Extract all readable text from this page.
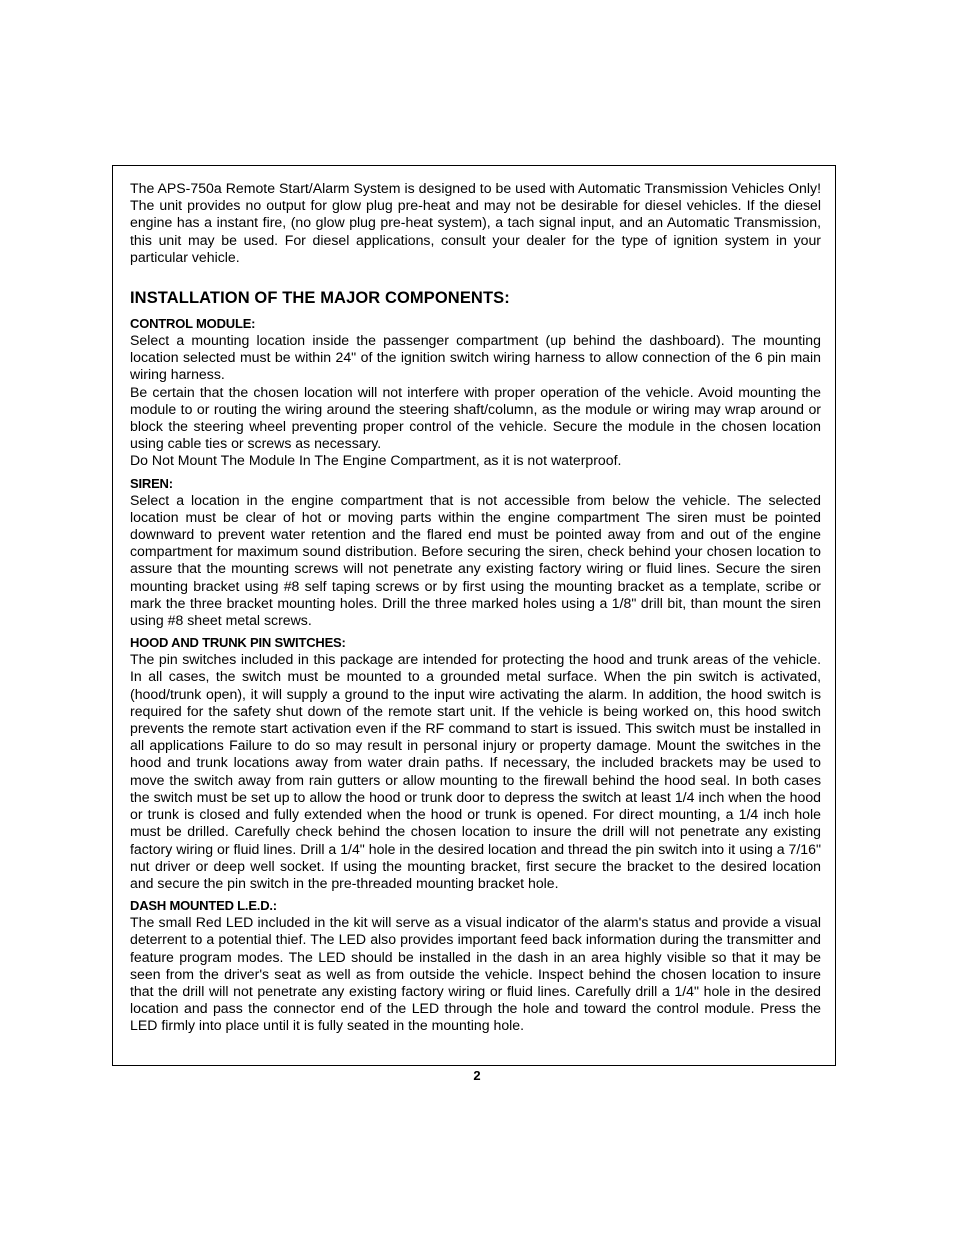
The APS-750a Remote Start/Alarm System is designed to be used with Automatic Transmission Vehicles Only! The unit provides no output for glow plug pre-heat and may not be desirable for diesel vehicles. If the diesel engine has a instant fire, (no glow plug pre-heat system), a tach signal input, and an Automatic Transmission, this unit may be used. For diesel applications, consult your dealer for the type of ignition system in your particular vehicle.

INSTALLATION OF THE MAJOR COMPONENTS:
CONTROL MODULE:

Select a mounting location inside the passenger compartment (up behind the dashboard). The mounting location selected must be within 24" of the ignition switch wiring harness to allow connection of the 6 pin main wiring harness.

Be certain that the chosen location will not interfere with proper operation of the vehicle. Avoid mounting the module to or routing the wiring around the steering shaft/column, as the module or wiring may wrap around or block the steering wheel preventing proper control of the vehicle. Secure the module in the chosen location using cable ties or screws as necessary.

Do Not Mount The Module In The Engine Compartment, as it is not waterproof.

SIREN:

Select a location in the engine compartment that is not accessible from below the vehicle. The selected location must be clear of hot or moving parts within the engine compartment The siren must be pointed downward to prevent water retention and the flared end must be pointed away from and out of the engine compartment for maximum sound distribution. Before securing the siren, check behind your chosen location to assure that the mounting screws will not penetrate any existing factory wiring or fluid lines. Secure the siren mounting bracket using #8 self taping screws or by first using the mounting bracket as a template, scribe or mark the three bracket mounting holes. Drill the three marked holes using a 1/8" drill bit, than mount the siren using #8 sheet metal screws.

HOOD AND TRUNK PIN SWITCHES:

The pin switches included in this package are intended for protecting the hood and trunk areas of the vehicle. In all cases, the switch must be mounted to a grounded metal surface. When the pin switch is activated, (hood/trunk open), it will supply a ground to the input wire activating the alarm. In addition, the hood switch is required for the safety shut down of the remote start unit. If the vehicle is being worked on, this hood switch prevents the remote start activation even if the RF command to start is issued. This switch must be installed in all applications Failure to do so may result in personal injury or property damage. Mount the switches in the hood and trunk locations away from water drain paths. If necessary, the included brackets may be used to move the switch away from rain gutters or allow mounting to the firewall behind the hood seal. In both cases the switch must be set up to allow the hood or trunk door to depress the switch at least 1/4 inch when the hood or trunk is closed and fully extended when the hood or trunk is opened. For direct mounting, a 1/4 inch hole must be drilled. Carefully check behind the chosen location to insure the drill will not penetrate any existing factory wiring or fluid lines. Drill a 1/4" hole in the desired location and thread the pin switch into it using a 7/16" nut driver or deep well socket. If using the mounting bracket, first secure the bracket to the desired location and secure the pin switch in the pre-threaded mounting bracket hole.

DASH MOUNTED L.E.D.:

The small Red LED included in the kit will serve as a visual indicator of the alarm's status and provide a visual deterrent to a potential thief. The LED also provides important feed back information during the transmitter and feature program modes. The LED should be installed in the dash in an area highly visible so that it may be seen from the driver's seat as well as from outside the vehicle. Inspect behind the chosen location to insure that the drill will not penetrate any existing factory wiring or fluid lines. Carefully drill a 1/4" hole in the desired location and pass the connector end of the LED through the hole and toward the control module. Press the LED firmly into place until it is fully seated in the mounting hole.

2
